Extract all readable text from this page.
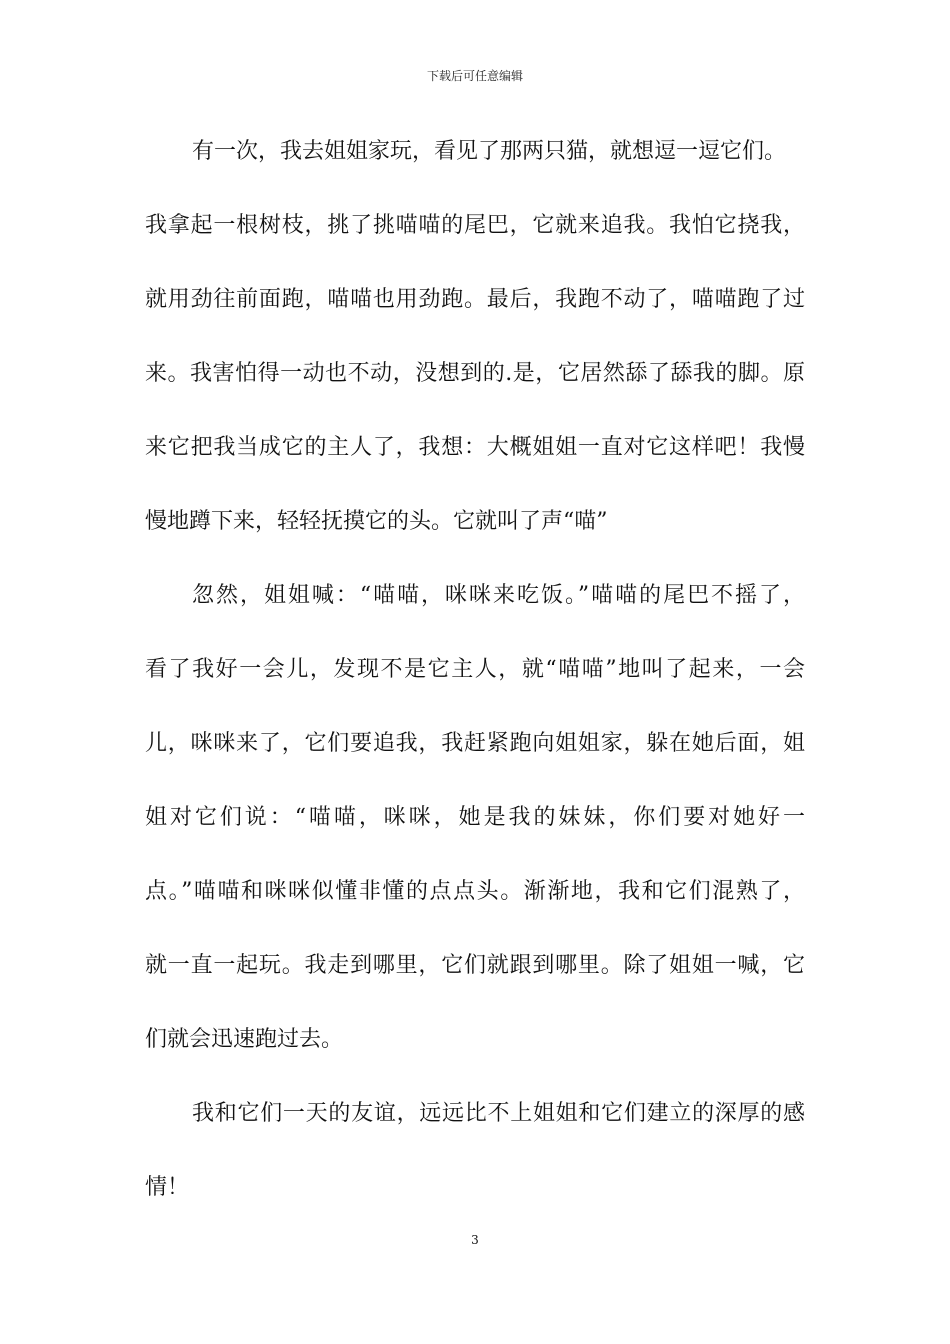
下载后可任意编辑
有一次，我去姐姐家玩，看见了那两只猫，就想逗一逗它们。
我拿起一根树枝，挑了挑喵喵的尾巴，它就来追我。我怕它挠我，
就用劲往前面跑，喵喵也用劲跑。最后，我跑不动了，喵喵跑了过
来。我害怕得一动也不动，没想到的.是，它居然舔了舔我的脚。原
来它把我当成它的主人了，我想：大概姐姐一直对它这样吧！我慢
慢地蹲下来，轻轻抚摸它的头。它就叫了声“喵”
忽然，姐姐喊：“喵喵，咪咪来吃饭。”喵喵的尾巴不摇了，
看了我好一会儿，发现不是它主人，就“喵喵”地叫了起来，一会
儿，咪咪来了，它们要追我，我赶紧跑向姐姐家，躲在她后面，姐
姐对它们说：“喵喵，咪咪，她是我的妹妹，你们要对她好一
点。”喵喵和咪咪似懂非懂的点点头。渐渐地，我和它们混熟了，
就一直一起玩。我走到哪里，它们就跟到哪里。除了姐姐一喊，它
们就会迅速跑过去。
我和它们一天的友谊，远远比不上姐姐和它们建立的深厚的感
情！
3
